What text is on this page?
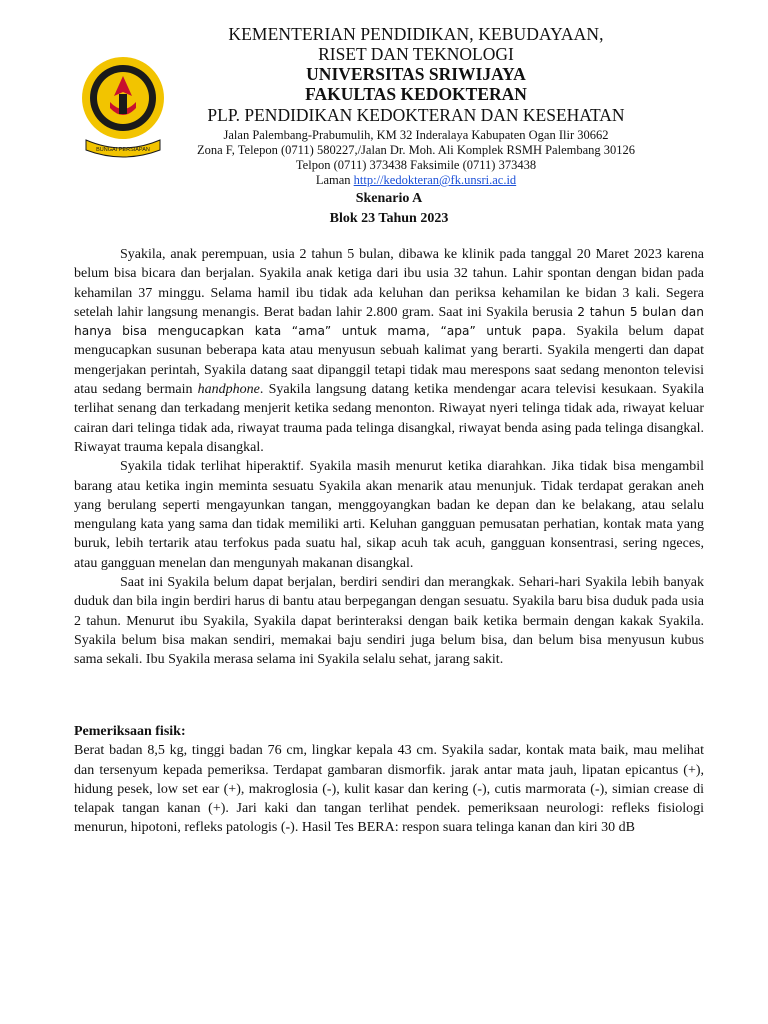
BUNGAI PERSIAPAN
KEMENTERIAN PENDIDIKAN, KEBUDAYAAN,
RISET DAN TEKNOLOGI
UNIVERSITAS SRIWIJAYA
FAKULTAS KEDOKTERAN
PLP. PENDIDIKAN KEDOKTERAN DAN KESEHATAN
Jalan Palembang-Prabumulih, KM 32 Inderalaya Kabupaten Ogan Ilir 30662
Zona F, Telepon (0711) 580227,/Jalan Dr. Moh. Ali Komplek RSMH Palembang 30126
Telpon (0711) 373438 Faksimile (0711) 373438
Laman http://kedokteran@fk.unsri.ac.id
Skenario A
Blok 23 Tahun 2023

Syakila, anak perempuan, usia 2 tahun 5 bulan, dibawa ke klinik pada tanggal 20 Maret 2023 karena belum bisa bicara dan berjalan. Syakila anak ketiga dari ibu usia 32 tahun. Lahir spontan dengan bidan pada kehamilan 37 minggu. Selama hamil ibu tidak ada keluhan dan periksa kehamilan ke bidan 3 kali. Segera setelah lahir langsung menangis. Berat badan lahir 2.800 gram. Saat ini Syakila berusia 2 tahun 5 bulan dan hanya bisa mengucapkan kata “ama” untuk mama, “apa” untuk papa. Syakila belum dapat mengucapkan susunan beberapa kata atau menyusun sebuah kalimat yang berarti. Syakila mengerti dan dapat mengerjakan perintah, Syakila datang saat dipanggil tetapi tidak mau merespons saat sedang menonton televisi atau sedang bermain handphone. Syakila langsung datang ketika mendengar acara televisi kesukaan. Syakila terlihat senang dan terkadang menjerit ketika sedang menonton. Riwayat nyeri telinga tidak ada, riwayat keluar cairan dari telinga tidak ada, riwayat trauma pada telinga disangkal, riwayat benda asing pada telinga disangkal. Riwayat trauma kepala disangkal.

Syakila tidak terlihat hiperaktif. Syakila masih menurut ketika diarahkan. Jika tidak bisa mengambil barang atau ketika ingin meminta sesuatu Syakila akan menarik atau menunjuk. Tidak terdapat gerakan aneh yang berulang seperti mengayunkan tangan, menggoyangkan badan ke depan dan ke belakang, atau selalu mengulang kata yang sama dan tidak memiliki arti. Keluhan gangguan pemusatan perhatian, kontak mata yang buruk, lebih tertarik atau terfokus pada suatu hal, sikap acuh tak acuh, gangguan konsentrasi, sering ngeces, atau gangguan menelan dan mengunyah makanan disangkal.

Saat ini Syakila belum dapat berjalan, berdiri sendiri dan merangkak. Sehari-hari Syakila lebih banyak duduk dan bila ingin berdiri harus di bantu atau berpegangan dengan sesuatu. Syakila baru bisa duduk pada usia 2 tahun. Menurut ibu Syakila, Syakila dapat berinteraksi dengan baik ketika bermain dengan kakak Syakila. Syakila belum bisa makan sendiri, memakai baju sendiri juga belum bisa, dan belum bisa menyusun kubus sama sekali. Ibu Syakila merasa selama ini Syakila selalu sehat, jarang sakit.

Pemeriksaan fisik:

Berat badan 8,5 kg, tinggi badan 76 cm, lingkar kepala 43 cm. Syakila sadar, kontak mata baik, mau melihat dan tersenyum kepada pemeriksa. Terdapat gambaran dismorfik. jarak antar mata jauh, lipatan epicantus (+), hidung pesek, low set ear (+), makroglosia (-), kulit kasar dan kering (-), cutis marmorata (-), simian crease di telapak tangan kanan (+). Jari kaki dan tangan terlihat pendek. pemeriksaan neurologi: refleks fisiologi menurun, hipotoni, refleks patologis (-). Hasil Tes BERA: respon suara telinga kanan dan kiri 30 dB
